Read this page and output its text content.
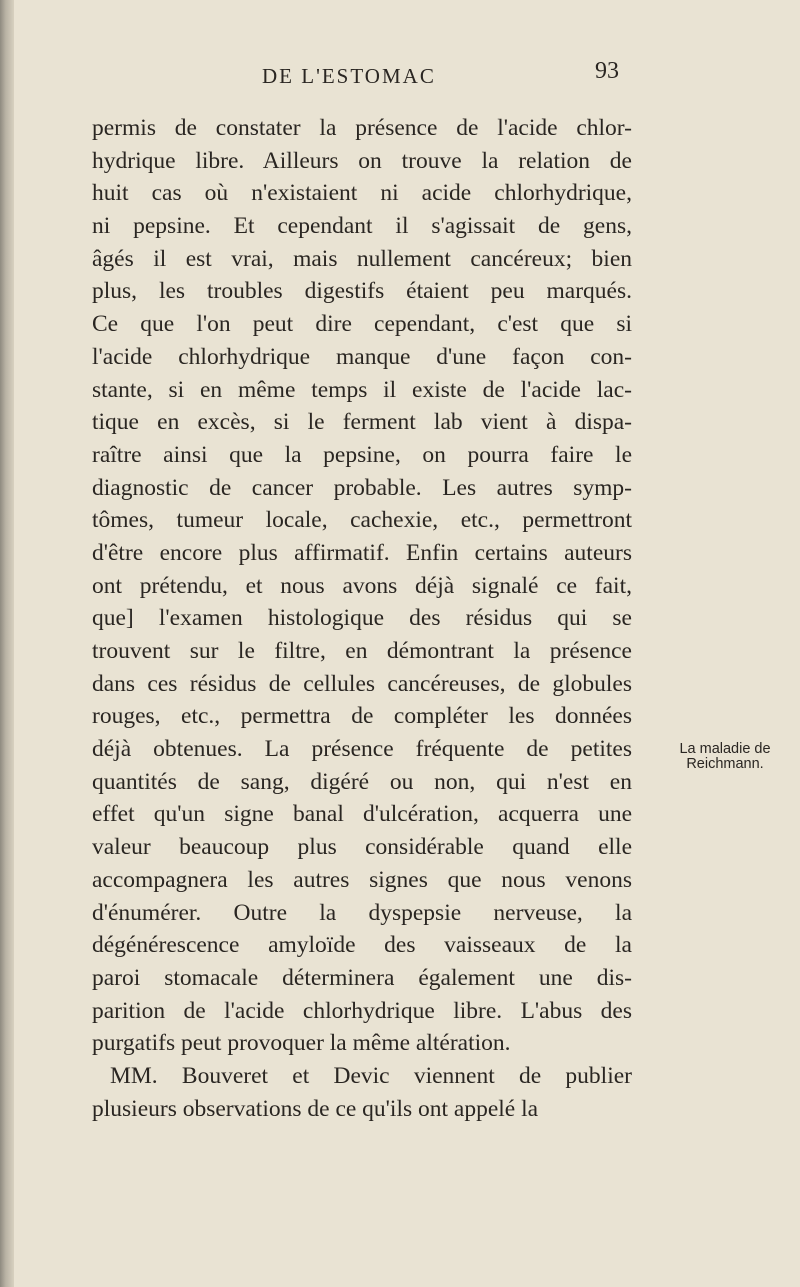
DE L'ESTOMAC	93
permis de constater la présence de l'acide chlor-
hydrique libre. Ailleurs on trouve la relation de
huit cas où n'existaient ni acide chlorhydrique,
ni pepsine. Et cependant il s'agissait de gens,
âgés il est vrai, mais nullement cancéreux; bien
plus, les troubles digestifs étaient peu marqués.
Ce que l'on peut dire cependant, c'est que si
l'acide chlorhydrique manque d'une façon con-
stante, si en même temps il existe de l'acide lac-
tique en excès, si le ferment lab vient à dispa-
raître ainsi que la pepsine, on pourra faire le
diagnostic de cancer probable. Les autres symp-
tômes, tumeur locale, cachexie, etc., permettront
d'être encore plus affirmatif. Enfin certains auteurs
ont prétendu, et nous avons déjà signalé ce fait,
que] l'examen histologique des résidus qui se
trouvent sur le filtre, en démontrant la présence
dans ces résidus de cellules cancéreuses, de globules
rouges, etc., permettra de compléter les données
déjà obtenues. La présence fréquente de petites
quantités de sang, digéré ou non, qui n'est en
effet qu'un signe banal d'ulcération, acquerra une
valeur beaucoup plus considérable quand elle
accompagnera les autres signes que nous venons
d'énumérer. Outre la dyspepsie nerveuse, la
dégénérescence amyloïde des vaisseaux de la
paroi stomacale déterminera également une dis-
parition de l'acide chlorhydrique libre. L'abus des
purgatifs peut provoquer la même altération.
MM. Bouveret et Devic viennent de publier
plusieurs observations de ce qu'ils ont appelé la
La maladie de
Reichmann.
